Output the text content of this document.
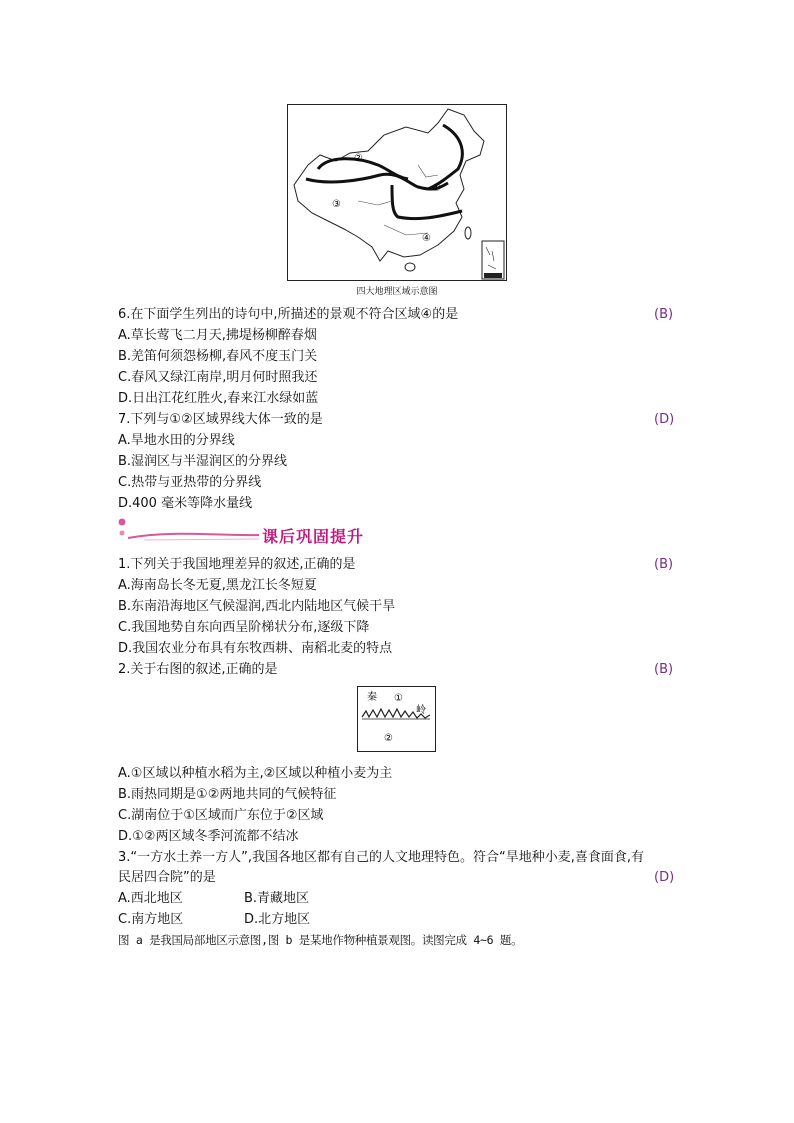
②
①
③
④
四大地理区域示意图
6.在下面学生列出的诗句中,所描述的景观不符合区域④的是	(B)
A.草长莺飞二月天,拂堤杨柳醉春烟
B.羌笛何须怨杨柳,春风不度玉门关
C.春风又绿江南岸,明月何时照我还
D.日出江花红胜火,春来江水绿如蓝
7.下列与①②区域界线大体一致的是	(D)
A.旱地水田的分界线
B.湿润区与半湿润区的分界线
C.热带与亚热带的分界线
D.400 毫米等降水量线
课后巩固提升
1.下列关于我国地理差异的叙述,正确的是	(B)
A.海南岛长冬无夏,黑龙江长冬短夏
B.东南沿海地区气候湿润,西北内陆地区气候干旱
C.我国地势自东向西呈阶梯状分布,逐级下降
D.我国农业分布具有东牧西耕、南稻北麦的特点
2.关于右图的叙述,正确的是	(B)
秦 ①
岭
②
A.①区域以种植水稻为主,②区域以种植小麦为主
B.雨热同期是①②两地共同的气候特征
C.湖南位于①区域而广东位于②区域
D.①②两区域冬季河流都不结冰
3.“一方水土养一方人”,我国各地区都有自己的人文地理特色。符合“旱地种小麦,喜食面食,有
民居四合院”的是	(D)
A.西北地区	B.青藏地区
C.南方地区	D.北方地区
图 a 是我国局部地区示意图,图 b 是某地作物种植景观图。读图完成 4~6 题。
